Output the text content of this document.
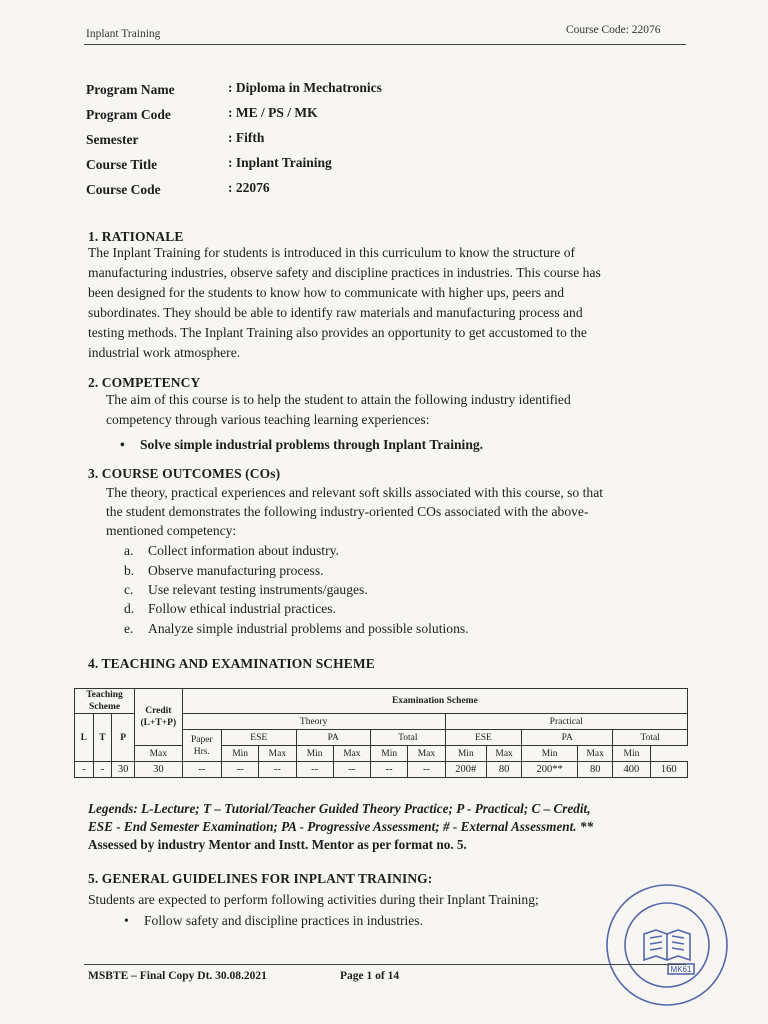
Inplant Training	Course Code: 22076
Program Name	: Diploma in Mechatronics
Program Code	: ME / PS / MK
Semester	: Fifth
Course Title	: Inplant Training
Course Code	: 22076
1. RATIONALE
The Inplant Training for students is introduced in this curriculum to know the structure of
manufacturing industries, observe safety and discipline practices in industries. This course has
been designed for the students to know how to communicate with higher ups, peers and
subordinates. They should be able to identify raw materials and manufacturing process and
testing methods. The Inplant Training also provides an opportunity to get accustomed to the
industrial work atmosphere.
2. COMPETENCY
The aim of this course is to help the student to attain the following industry identified
competency through various teaching learning experiences:
• Solve simple industrial problems through Inplant Training.
3. COURSE OUTCOMES (COs)
The theory, practical experiences and relevant soft skills associated with this course, so that
the student demonstrates the following industry-oriented COs associated with the above-
mentioned competency:
a. Collect information about industry.
b. Observe manufacturing process.
c. Use relevant testing instruments/gauges.
d. Follow ethical industrial practices.
e. Analyze simple industrial problems and possible solutions.
4. TEACHING AND EXAMINATION SCHEME
Teaching Scheme			Credit (L+T+P)	Examination Scheme												
L	T	P		Theory							Practical					
				Paper Hrs.	ESE		PA		Total		ESE		PA		Total	
			Max		Min	Max	Min	Max	Min	Max	Min	Max	Min	Max	Min	
-	-	30	30	--	--	--	--	--	--	--	200#	80	200**	80	400	160
Legends: L-Lecture; T – Tutorial/Teacher Guided Theory Practice; P - Practical; C – Credit,
ESE - End Semester Examination; PA - Progressive Assessment; # - External Assessment. **
Assessed by industry Mentor and Instt. Mentor as per format no. 5.
5. GENERAL GUIDELINES FOR INPLANT TRAINING:
Students are expected to perform following activities during their Inplant Training;
• Follow safety and discipline practices in industries.
MK61
MSBTE – Final Copy Dt. 30.08.2021	Page 1 of 14
